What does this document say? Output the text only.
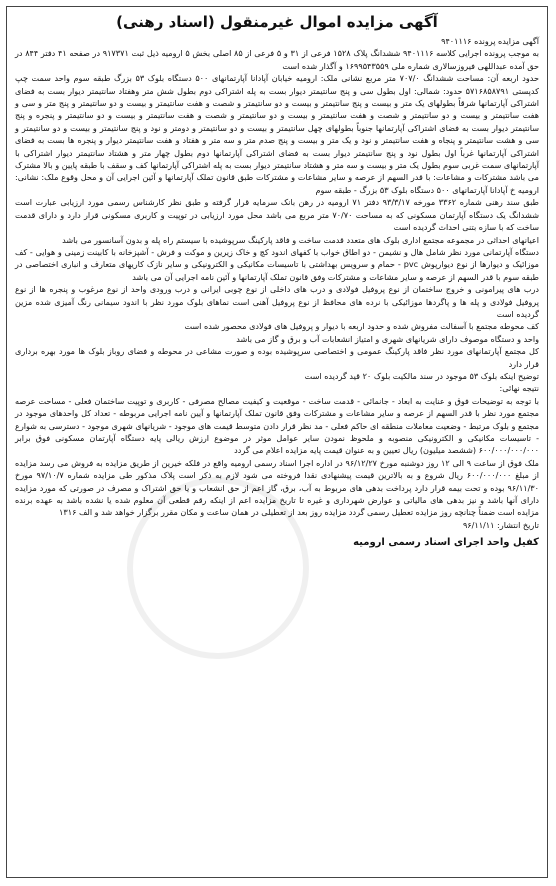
آگهی مزایده اموال غیرمنقول (اسناد رهنی)

آگهی مزایده پرونده ۹۴۰۱۱۱۶

به موجب پرونده اجرایی کلاسه ۹۴۰۱۱۱۶ ششدانگ پلاک ۱۵۲۸ فرعی از ۳۱ و ۵ فرعی از ۸۵ اصلی بخش ۵ ارومیه ذیل ثبت ۹۱۷۳۷۱ در صفحه ۴۱ دفتر ۸۴۴ در حق آمده عبداللهی فیروزسالاری شماره ملی ۱۶۹۹۵۴۳۵۵۹ و آگذار شده است

حدود اربعه آن: مساحت ششدانگ ۷۰۷/۰ متر مربع نشانی ملک: ارومیه خیابان آپادانا آپارتمانهای ۵۰۰ دستگاه بلوک ۵۳ بزرگ طبقه سوم واحد سمت چپ کدپستی ۵۷۱۶۸۵۸۷۹۱ حدود: شمالی: اول بطول سی و پنج سانتیمتر دیوار بست به پله اشتراکی دوم بطول شش متر وهفتاد سانتیمتر دیوار بست به فضای اشتراکی آپارتمانها شرقاً بطولهای یک متر و بیست و پنج سانتیمتر و بیست و دو سانتیمتر و شصت و هفت سانتیمتر و بیست و دو سانتیمتر و پنج متر و سی و هفت سانتیمتر و بیست و دو سانتیمتر و شصت و هفت سانتیمتر و بیست و دو سانتیمتر و شصت و هفت سانتیمتر و بیست و دو سانتیمتر و پنجره و پنج سانتیمتر دیوار بست به فضای اشتراکی آپارتمانها جنوباً بطولهای چهل سانتیمتر و بیست و دو سانتیمتر و دومتر و نود و پنج سانتیمتر و بیست و دو سانتیمتر و سی و هشت سانتیمتر و پنجاه و هفت سانتیمتر و نود و یک متر و بیست و پنج صدم متر و سه متر و هفتاد و هفت سانتیمتر دیوار و پنجره ها بست به فضای اشتراکی آپارتمانها غرباً اول بطول نود و پنج سانتیمتر دیوار بست به فضای اشتراکی آپارتمانها دوم بطول چهار متر و هشتاد سانتیمتر دیوار اشتراکی با آپارتمانهای سمت غربی سوم بطول یک متر و بیست و سه متر و هشتاد سانتیمتر دیوار بست به پله اشتراکی آپارتمانها کف و سقف با طبقه پایین و بالا مشترک می باشد مشترکات و مشاعات: با قدر السهم از عرصه و سایر مشاعات و مشترکات طبق قانون تملک آپارتمانها و آئین اجرایی آن و محل وقوع ملک: نشانی: ارومیه خ آپادانا آپارتمانهای ۵۰۰ دستگاه بلوک ۵۳ بزرگ - طبقه سوم

طبق سند رهنی شماره ۳۳۶۲ مورخه ۹۳/۳/۱۷ دفتر ۷۱ ارومیه در رهن بانک سرمایه قرار گرفته و طبق نظر کارشناس رسمی مورد ارزیابی عبارت است ششدانگ یک دستگاه آپارتمان مسکونی که به مساحت ۷۰/۷۰ متر مربع می باشد محل مورد ارزیابی در توپیت و کاربری مسکونی قرار دارد و دارای قدمت ساخت که با سازه بتنی احداث گردیده است

اعیانهای احداثی در مجموعه مجتمع اداری بلوک های متعدد قدمت ساخت و فاقد پارکینگ سرپوشیده با سیستم راه پله و بدون آسانسور می باشد

دستگاه آپارتمانی مورد نظر شامل هال و نشیمن - دو اطاق خواب با کفهای اندود کچ و خاک زیرین و موکت و فرش - آشپزخانه با کابینت زمینی و هوایی - کف موزائیک و دیوارها از نوع دیوارپوش pvc - حمام و سرویس بهداشتی با تاسیسات مکانیکی و الکترونیکی و سایر نازک کاریهای متعارف و انباری اختصاصی در طبقه سوم با قدر السهم از عرصه و سایر مشاعات و مشترکات وفق قانون تملک آپارتمانها و آئین نامه اجرایی آن می باشد

درب های پیرامونی و خروج ساختمان از نوع پروفیل فولادی و درب های داخلی از نوع چوبی ایرانی و درب ورودی واحد از نوع مرغوب و پنجره ها از نوع پروفیل فولادی و پله ها و پاگردها موزائیکی با نرده های محافظ از نوع پروفیل آهنی است نماهای بلوک مورد نظر با اندود سیمانی رنگ آمیزی شده مزین گردیده است

کف محوطه مجتمع با آسفالت مفروش شده و حدود اربعه با دیوار و پروفیل های فولادی محصور شده است

واحد و دستگاه موصوف دارای شریانهای شهری و امتیاز انشعابات آب و برق و گاز می باشد

کل مجتمع آپارتمانهای مورد نظر فاقد پارکینگ عمومی و اختصاصی سرپوشیده بوده و صورت مشاعی در محوطه و فضای روباز بلوک ها مورد بهره برداری قرار دارد

توضیح اینکه بلوک ۵۳ موجود در سند مالکیت بلوک ۲۰ قید گردیده است

نتیجه نهائی:

با توجه به توضیحات فوق و عنایت به ابعاد - جانمائی - قدمت ساخت - موقعیت و کیفیت مصالح مصرفی - کاربری و توپیت ساختمان فعلی - مساحت عرصه مجتمع مورد نظر با قدر السهم از عرصه و سایر مشاعات و مشترکات وفق قانون تملک آپارتمانها و آیین نامه اجرایی مربوطه - تعداد کل واحدهای موجود در مجتمع و بلوک مرتبط - وضعیت معاملات منطقه ای حاکم فعلی - مد نظر قرار دادن متوسط قیمت های موجود - شریانهای شهری موجود - دسترسی به شوارع - تاسیسات مکانیکی و الکترونیکی منصوبه و ملحوظ نمودن سایر عوامل موثر در موضوع ارزش ریالی پایه دستگاه آپارتمان مسکونی فوق برابر ۶۰۰/۰۰۰/۰۰۰/۰۰۰ (ششصد میلیون) ریال تعیین و به عنوان قیمت پایه مزایده اعلام می گردد

ملک فوق از ساعت ۹ الی ۱۲ روز دوشنبه مورخ ۹۶/۱۲/۲۷ در اداره اجرا اسناد رسمی ارومیه واقع در فلکه خیرین از طریق مزایده به فروش می رسد مزایده از مبلغ ۶۰۰/۰۰۰/۰۰۰ ریال شروع و به بالاترین قیمت پیشنهادی نقدا فروخته می شود لازم به ذکر است پلاک مذکور طی مزایده شماره ۹۷/۱۰/۷ مورخ ۹۶/۱۱/۳۰ بوده و تحت بیمه قرار دارد پرداخت بدهی های مربوط به آب، برق، گاز اعم از حق انشعاب و یا حق اشتراک و مصرف در صورتی که مورد مزایده دارای آنها باشد و نیز بدهی های مالیاتی و عوارض شهرداری و غیره تا تاریخ مزایده اعم از اینکه رقم قطعی آن معلوم شده یا نشده باشد به عهده برنده مزایده است ضمناً چنانچه روز مزایده تعطیل رسمی گردد مزایده روز بعد از تعطیلی در همان ساعت و مکان مقرر برگزار خواهد شد و الف ۱۳۱۶

تاریخ انتشار: ۹۶/۱۱/۱۱

کفیل واحد اجرای اسناد رسمی ارومیه
